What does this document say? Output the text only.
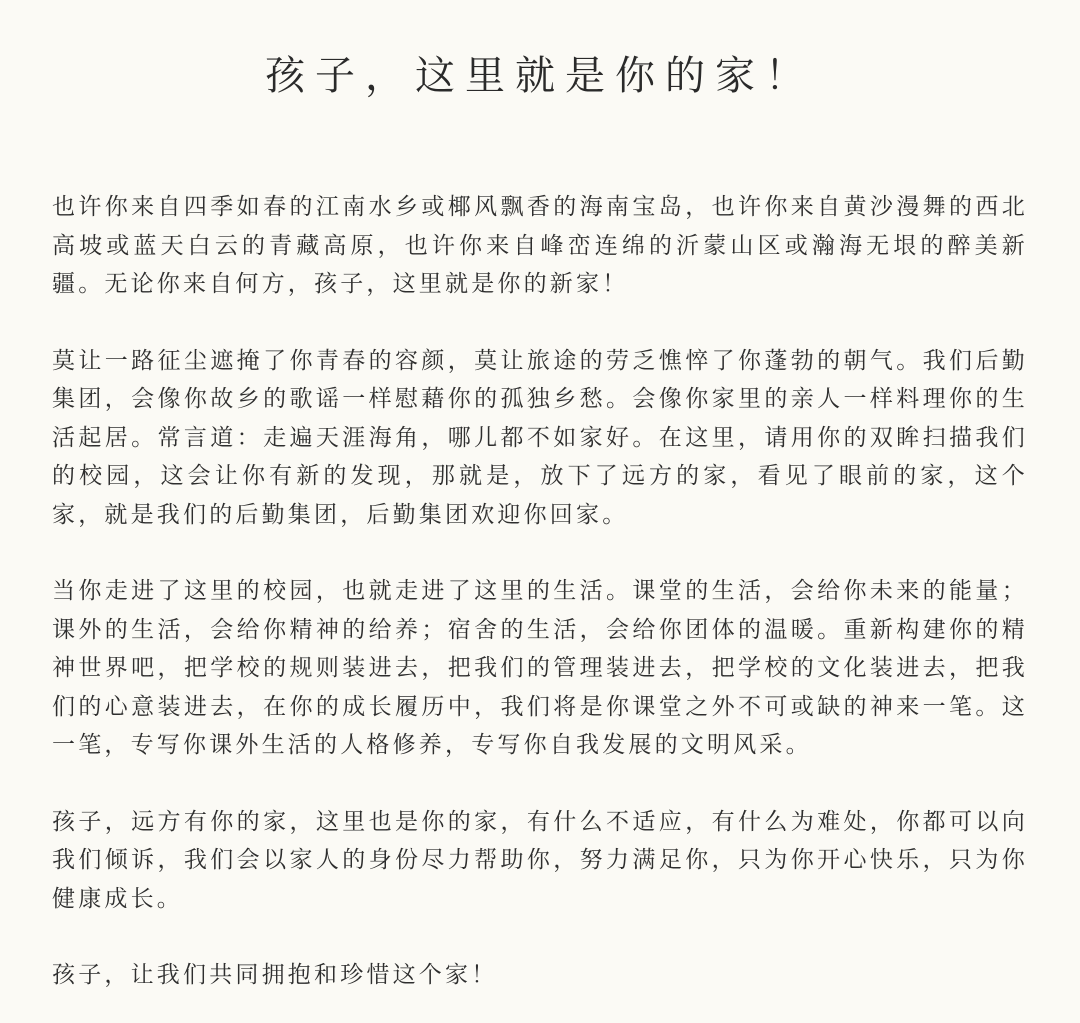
孩子，这里就是你的家！

也许你来自四季如春的江南水乡或椰风飘香的海南宝岛，也许你来自黄沙漫舞的西北高坡或蓝天白云的青藏高原，也许你来自峰峦连绵的沂蒙山区或瀚海无垠的醉美新疆。无论你来自何方，孩子，这里就是你的新家！

莫让一路征尘遮掩了你青春的容颜，莫让旅途的劳乏憔悴了你蓬勃的朝气。我们后勤集团，会像你故乡的歌谣一样慰藉你的孤独乡愁。会像你家里的亲人一样料理你的生活起居。常言道：走遍天涯海角，哪儿都不如家好。在这里，请用你的双眸扫描我们的校园，这会让你有新的发现，那就是，放下了远方的家，看见了眼前的家，这个家，就是我们的后勤集团，后勤集团欢迎你回家。

当你走进了这里的校园，也就走进了这里的生活。课堂的生活，会给你未来的能量；课外的生活，会给你精神的给养；宿舍的生活，会给你团体的温暖。重新构建你的精神世界吧，把学校的规则装进去，把我们的管理装进去，把学校的文化装进去，把我们的心意装进去，在你的成长履历中，我们将是你课堂之外不可或缺的神来一笔。这一笔，专写你课外生活的人格修养，专写你自我发展的文明风采。

孩子，远方有你的家，这里也是你的家，有什么不适应，有什么为难处，你都可以向我们倾诉，我们会以家人的身份尽力帮助你，努力满足你，只为你开心快乐，只为你健康成长。

孩子，让我们共同拥抱和珍惜这个家！
